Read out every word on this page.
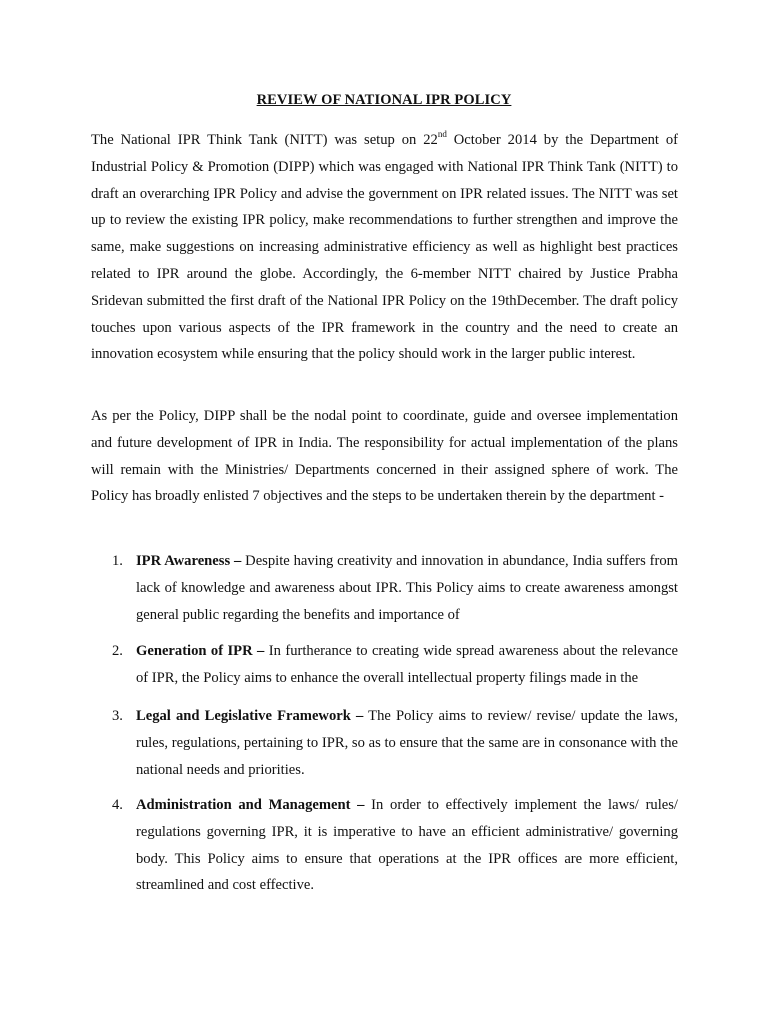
REVIEW OF NATIONAL IPR POLICY

The National IPR Think Tank (NITT) was setup on 22nd October 2014 by the Department of Industrial Policy & Promotion (DIPP) which was engaged with National IPR Think Tank (NITT) to draft an overarching IPR Policy and advise the government on IPR related issues. The NITT was set up to review the existing IPR policy, make recommendations to further strengthen and improve the same, make suggestions on increasing administrative efficiency as well as highlight best practices related to IPR around the globe. Accordingly, the 6-member NITT chaired by Justice Prabha Sridevan submitted the first draft of the National IPR Policy on the 19thDecember. The draft policy touches upon various aspects of the IPR framework in the country and the need to create an innovation ecosystem while ensuring that the policy should work in the larger public interest.

As per the Policy, DIPP shall be the nodal point to coordinate, guide and oversee implementation and future development of IPR in India. The responsibility for actual implementation of the plans will remain with the Ministries/ Departments concerned in their assigned sphere of work. The Policy has broadly enlisted 7 objectives and the steps to be undertaken therein by the department -

1. IPR Awareness – Despite having creativity and innovation in abundance, India suffers from lack of knowledge and awareness about IPR. This Policy aims to create awareness amongst general public regarding the benefits and importance of
2. Generation of IPR – In furtherance to creating wide spread awareness about the relevance of IPR, the Policy aims to enhance the overall intellectual property filings made in the
3. Legal and Legislative Framework – The Policy aims to review/ revise/ update the laws, rules, regulations, pertaining to IPR, so as to ensure that the same are in consonance with the national needs and priorities.
4. Administration and Management – In order to effectively implement the laws/ rules/ regulations governing IPR, it is imperative to have an efficient administrative/ governing body. This Policy aims to ensure that operations at the IPR offices are more efficient, streamlined and cost effective.
